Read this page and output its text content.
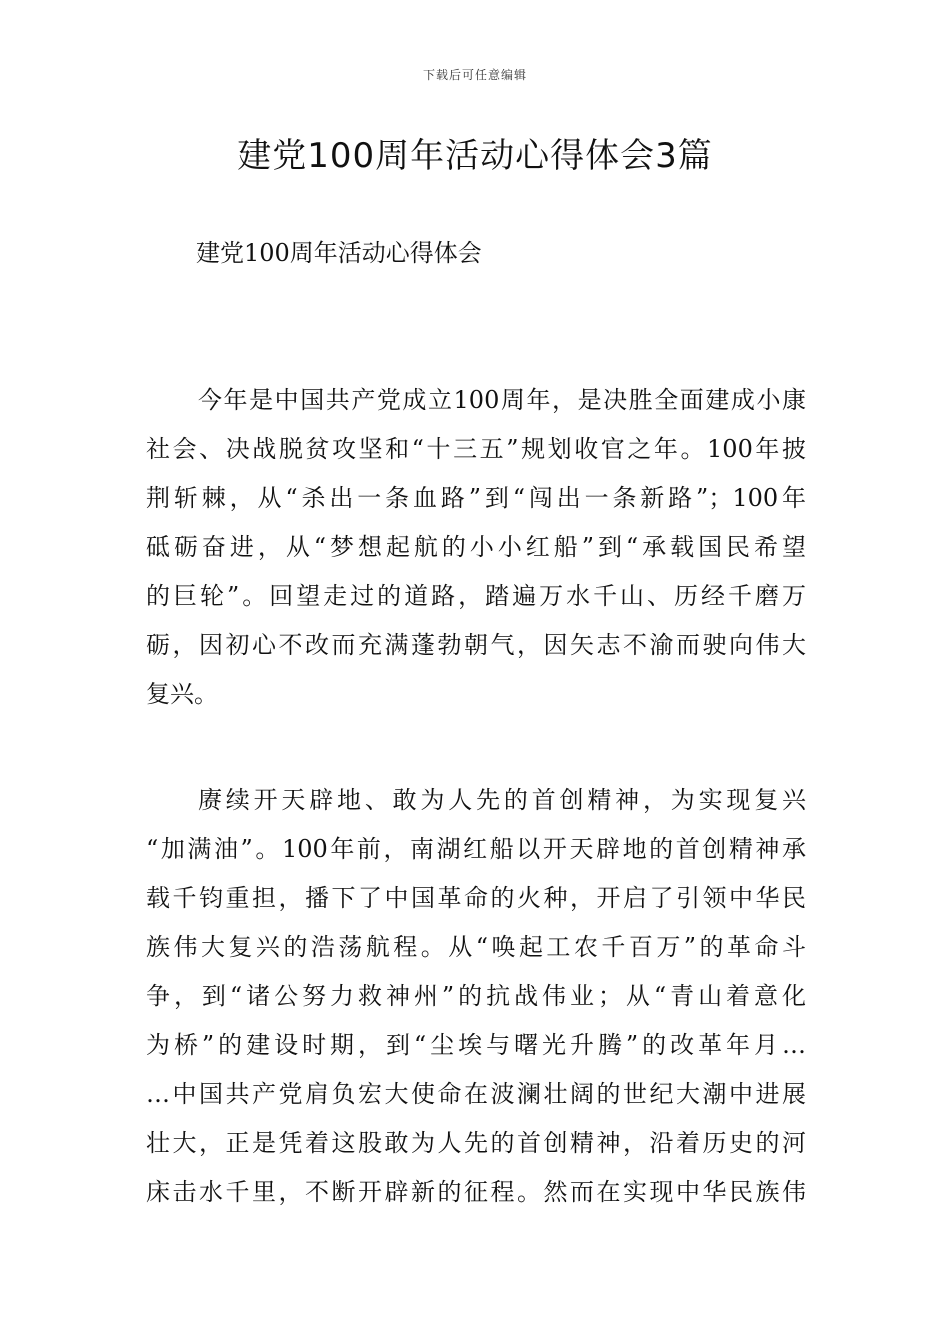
下载后可任意编辑
建党100周年活动心得体会3篇

建党100周年活动心得体会

今年是中国共产党成立100周年，是决胜全面建成小康
社会、决战脱贫攻坚和“十三五”规划收官之年。100年披
荆斩棘，从“杀出一条血路”到“闯出一条新路”；100年
砥砺奋进，从“梦想起航的小小红船”到“承载国民希望
的巨轮”。回望走过的道路，踏遍万水千山、历经千磨万
砺，因初心不改而充满蓬勃朝气，因矢志不渝而驶向伟大
复兴。
赓续开天辟地、敢为人先的首创精神，为实现复兴
“加满油”。100年前，南湖红船以开天辟地的首创精神承
载千钧重担，播下了中国革命的火种，开启了引领中华民
族伟大复兴的浩荡航程。从“唤起工农千百万”的革命斗
争，到“诸公努力救神州”的抗战伟业；从“青山着意化
为桥”的建设时期，到“尘埃与曙光升腾”的改革年月…
…中国共产党肩负宏大使命在波澜壮阔的世纪大潮中进展
壮大，正是凭着这股敢为人先的首创精神，沿着历史的河
床击水千里，不断开辟新的征程。然而在实现中华民族伟
